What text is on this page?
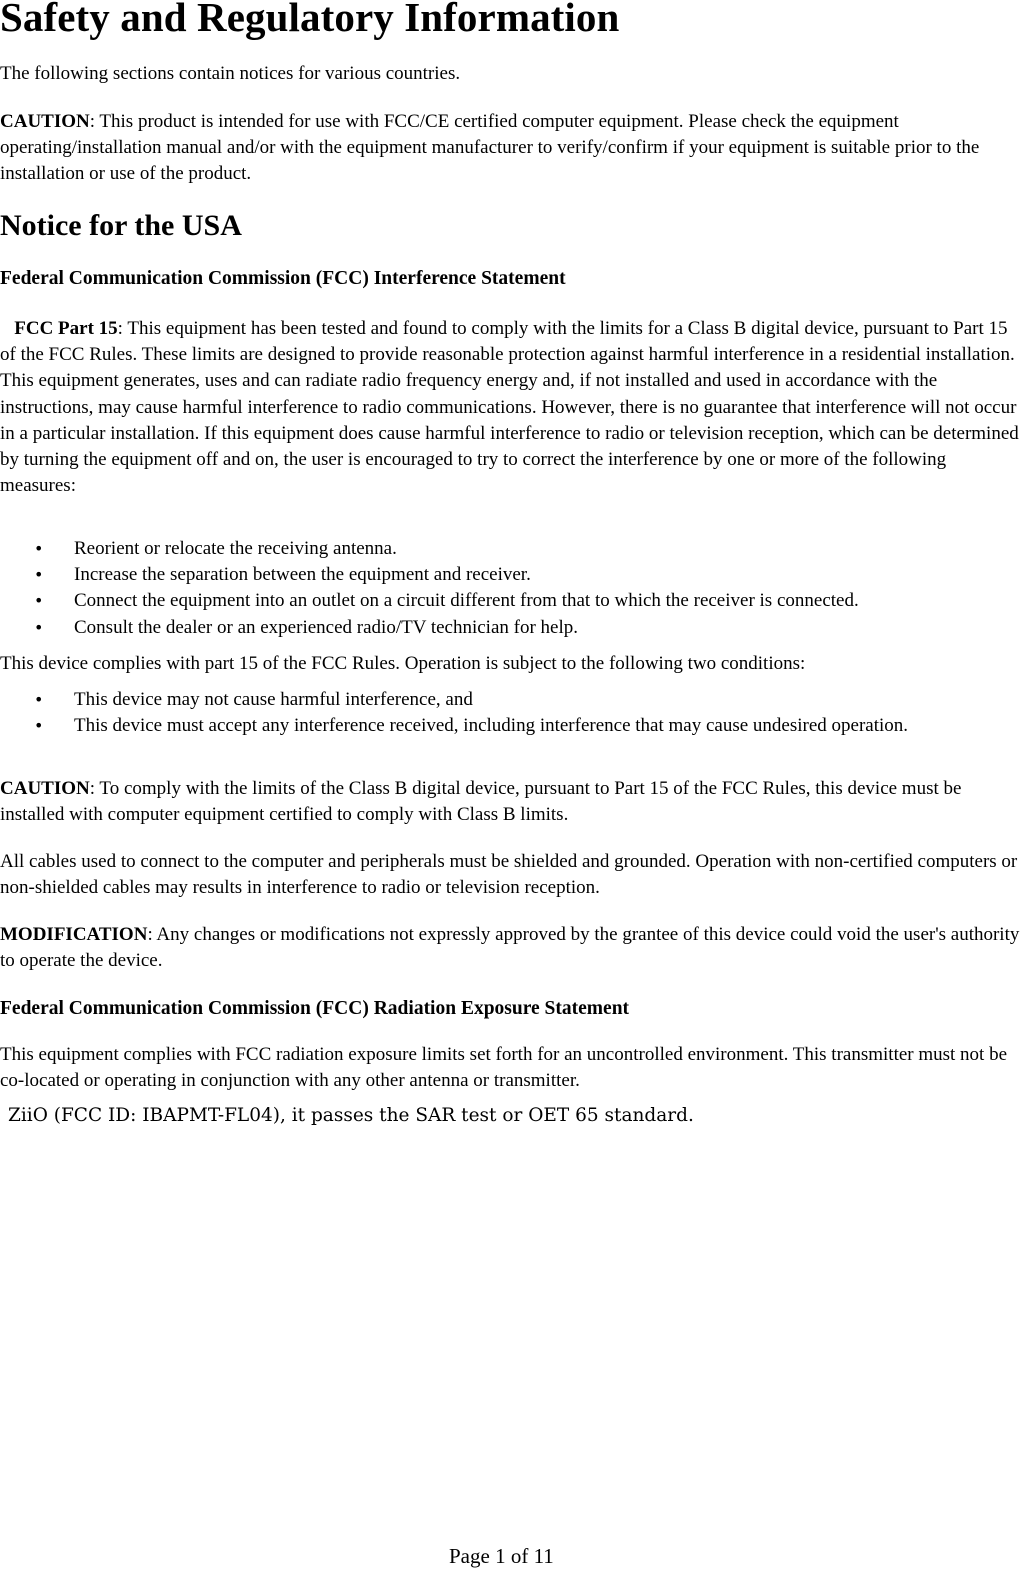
Safety and Regulatory Information

The following sections contain notices for various countries.

CAUTION: This product is intended for use with FCC/CE certified computer equipment. Please check the equipment operating/installation manual and/or with the equipment manufacturer to verify/confirm if your equipment is suitable prior to the installation or use of the product.

Notice for the USA
Federal Communication Commission (FCC) Interference Statement

FCC Part 15: This equipment has been tested and found to comply with the limits for a Class B digital device, pursuant to Part 15 of the FCC Rules. These limits are designed to provide reasonable protection against harmful interference in a residential installation. This equipment generates, uses and can radiate radio frequency energy and, if not installed and used in accordance with the instructions, may cause harmful interference to radio communications. However, there is no guarantee that interference will not occur in a particular installation. If this equipment does cause harmful interference to radio or television reception, which can be determined by turning the equipment off and on, the user is encouraged to try to correct the interference by one or more of the following measures:

• Reorient or relocate the receiving antenna.
• Increase the separation between the equipment and receiver.
• Connect the equipment into an outlet on a circuit different from that to which the receiver is connected.
• Consult the dealer or an experienced radio/TV technician for help.

This device complies with part 15 of the FCC Rules. Operation is subject to the following two conditions:

• This device may not cause harmful interference, and
• This device must accept any interference received, including interference that may cause undesired operation.

CAUTION: To comply with the limits of the Class B digital device, pursuant to Part 15 of the FCC Rules, this device must be installed with computer equipment certified to comply with Class B limits.

All cables used to connect to the computer and peripherals must be shielded and grounded. Operation with non-certified computers or non-shielded cables may results in interference to radio or television reception.

MODIFICATION: Any changes or modifications not expressly approved by the grantee of this device could void the user's authority to operate the device.

Federal Communication Commission (FCC) Radiation Exposure Statement

This equipment complies with FCC radiation exposure limits set forth for an uncontrolled environment. This transmitter must not be co-located or operating in conjunction with any other antenna or transmitter.

ZiiO (FCC ID: IBAPMT-FL04), it passes the SAR test or OET 65 standard.

Page 1 of 11
